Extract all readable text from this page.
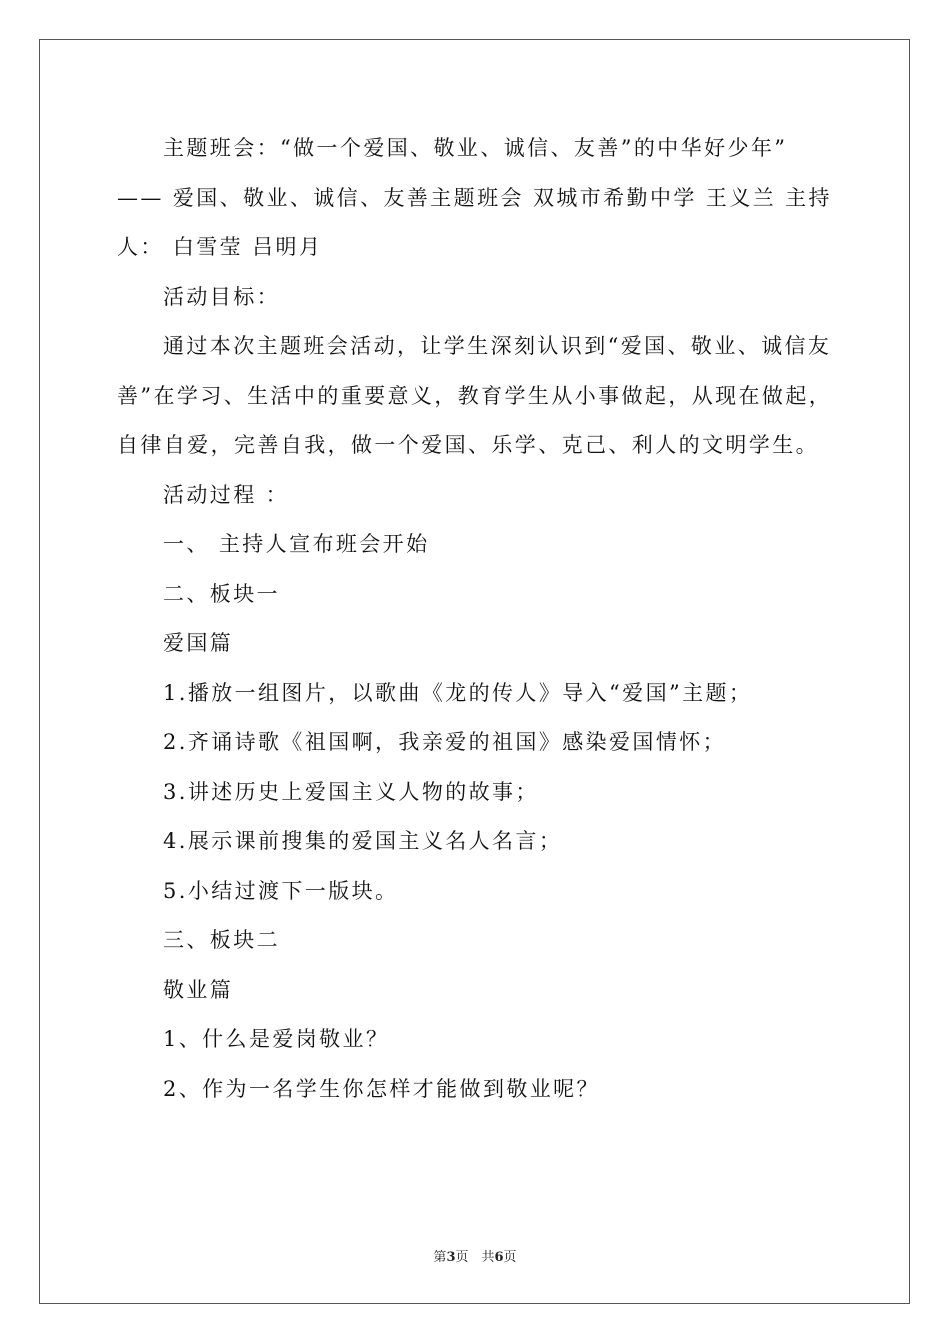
主题班会：“做一个爱国、敬业、诚信、友善”的中华好少年” —— 爱国、敬业、诚信、友善主题班会 双城市希勤中学 王义兰 主持人： 白雪莹 吕明月

活动目标：

通过本次主题班会活动，让学生深刻认识到“爱国、敬业、诚信友善”在学习、生活中的重要意义，教育学生从小事做起，从现在做起，自律自爱，完善自我，做一个爱国、乐学、克己、利人的文明学生。

活动过程 ：

一、 主持人宣布班会开始

二、板块一

爱国篇

1.播放一组图片，以歌曲《龙的传人》导入“爱国”主题；

2.齐诵诗歌《祖国啊，我亲爱的祖国》感染爱国情怀；

3.讲述历史上爱国主义人物的故事；

4.展示课前搜集的爱国主义名人名言；

5.小结过渡下一版块。

三、板块二

敬业篇

1、什么是爱岗敬业？

2、作为一名学生你怎样才能做到敬业呢？

第3页　共6页
